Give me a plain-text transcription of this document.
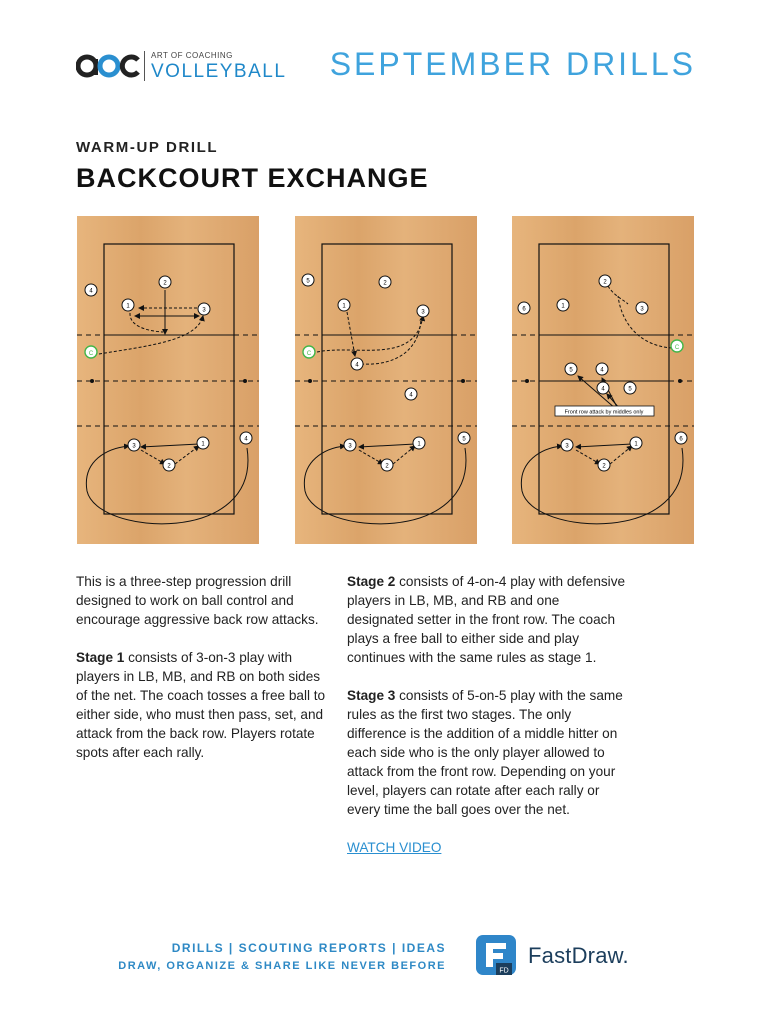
ART OF COACHING
VOLLEYBALL SEPTEMBER DRILLS
WARM-UP DRILL
BACKCOURT EXCHANGE
C
4
2
1
3
3	1
2
4
C
5	2
1
3
4
4
3	1
2
5
C
6	1
2
3
5	4
4	5
Front row attack by middles only
3	1
2
6

This is a three-step progression drill designed to work on ball control and encourage aggressive back row attacks.

Stage 1 consists of 3-on-3 play with players in LB, MB, and RB on both sides of the net. The coach tosses a free ball to either side, who must then pass, set, and attack from the back row. Players rotate spots after each rally.

Stage 2 consists of 4-on-4 play with defensive players in LB, MB, and RB and one designated setter in the front row. The coach plays a free ball to either side and play continues with the same rules as stage 1.

Stage 3 consists of 5-on-5 play with the same rules as the first two stages. The only difference is the addition of a middle hitter on each side who is the only player allowed to attack from the front row. Depending on your level, players can rotate after each rally or every time the ball goes over the net.

WATCH VIDEO

DRILLS | SCOUTING REPORTS | IDEAS
DRAW, ORGANIZE & SHARE LIKE NEVER BEFORE	FD
FastDraw.
